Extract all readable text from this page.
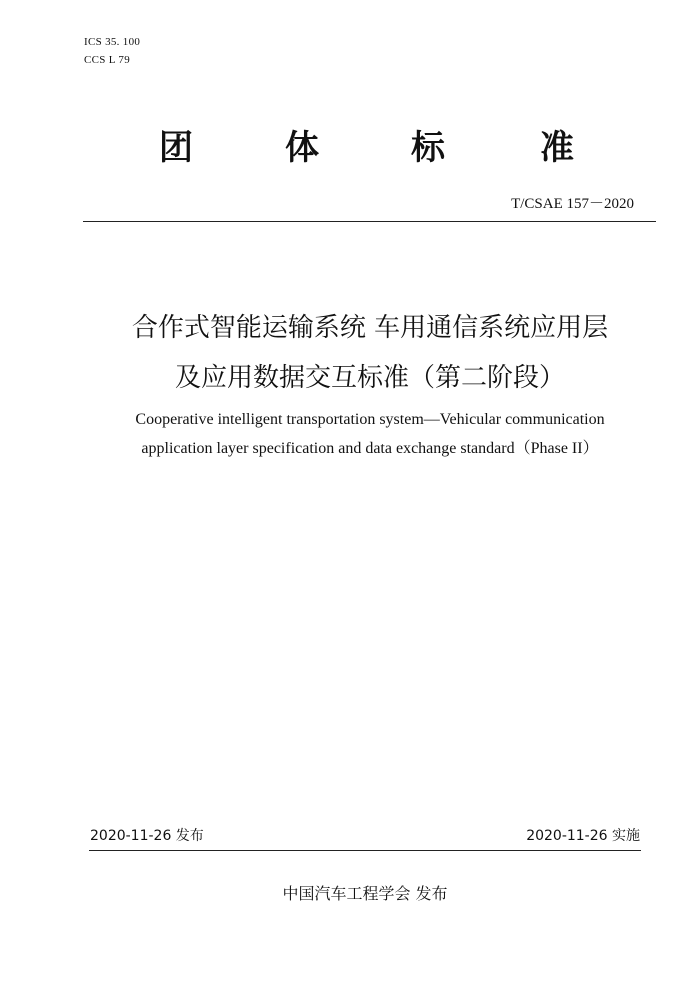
ICS 35. 100
CCS L 79
团	体	标	准
T/CSAE 157－2020
合作式智能运输系统 车用通信系统应用层
及应用数据交互标准（第二阶段）
Cooperative intelligent transportation system—Vehicular communication
application layer specification and data exchange standard（Phase II）
2020-11-26 发布	2020-11-26 实施
中国汽车工程学会 发布
